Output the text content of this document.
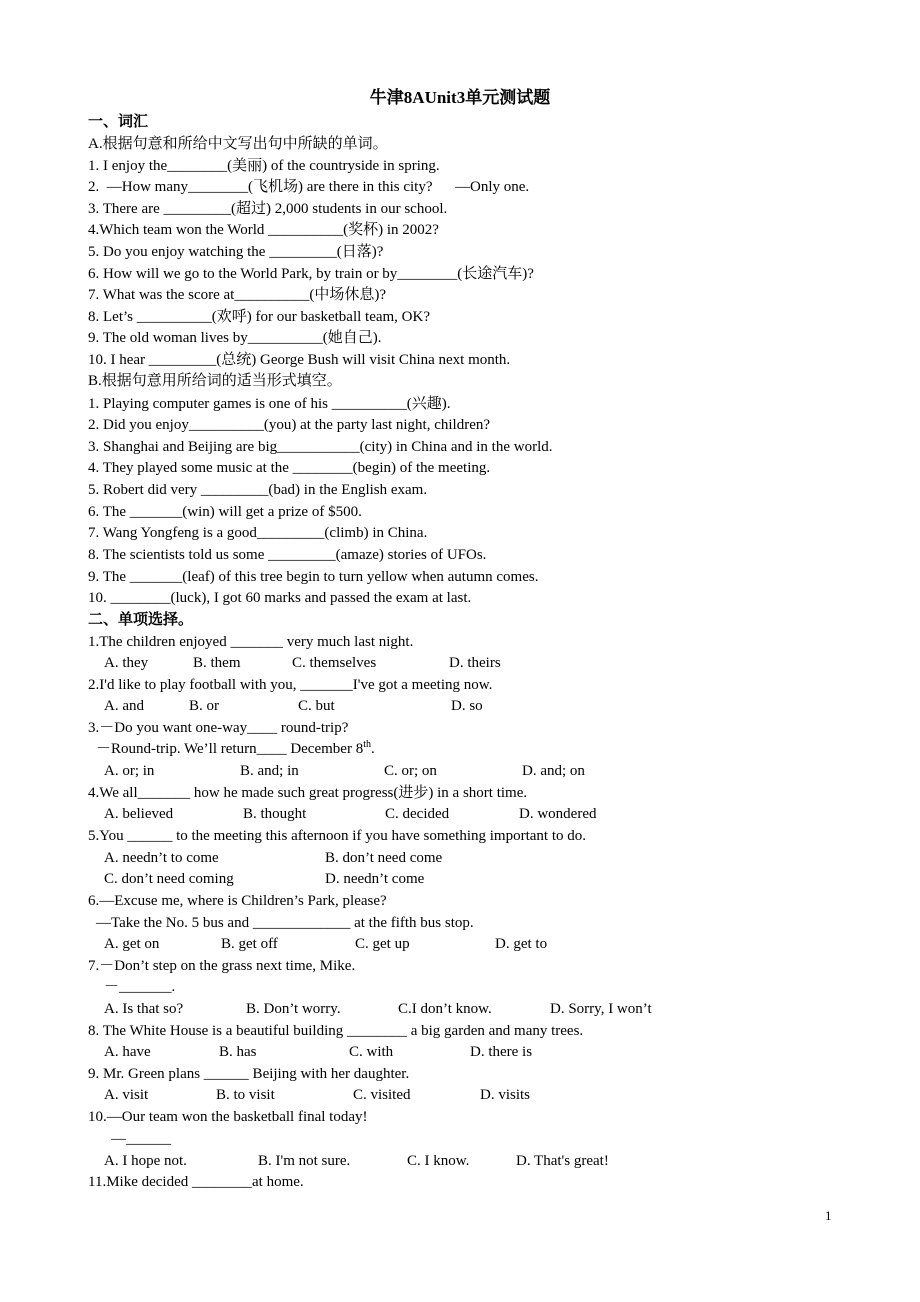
牛津8AUnit3单元测试题
一、词汇
A.根据句意和所给中文写出句中所缺的单词。
1. I enjoy the________(美丽) of the countryside in spring.
2.  —How many________(飞机场) are there in this city?      —Only one.
3. There are _________(超过) 2,000 students in our school.
4.Which team won the World __________(奖杯) in 2002?
5. Do you enjoy watching the _________(日落)?
6. How will we go to the World Park, by train or by________(长途汽车)?
7. What was the score at__________(中场休息)?
8. Let’s __________(欢呼) for our basketball team, OK?
9. The old woman lives by__________(她自己).
10. I hear _________(总统) George Bush will visit China next month.
B.根据句意用所给词的适当形式填空。
1. Playing computer games is one of his __________(兴趣).
2. Did you enjoy__________(you) at the party last night, children?
3. Shanghai and Beijing are big___________(city) in China and in the world.
4. They played some music at the ________(begin) of the meeting.
5. Robert did very _________(bad) in the English exam.
6. The _______(win) will get a prize of $500.
7. Wang Yongfeng is a good_________(climb) in China.
8. The scientists told us some _________(amaze) stories of UFOs.
9. The _______(leaf) of this tree begin to turn yellow when autumn comes.
10. ________(luck), I got 60 marks and passed the exam at last.
二、单项选择。
1.The children enjoyed _______ very much last night.
A. they	B. them	C. themselves	D. theirs
2.I'd like to play football with you, _______I've got a meeting now.
A. and	B. or	C. but	D. so
3.－Do you want one-way____ round-trip?
－Round-trip. We’ll return____ December 8th.
A. or; in	B. and; in	C. or; on	D. and; on
4.We all_______ how he made such great progress(进步) in a short time.
A. believed	B. thought	C. decided	D. wondered
5.You ______ to the meeting this afternoon if you have something important to do.
A. needn’t to come	B. don’t need come
C. don’t need coming	D. needn’t come
6.—Excuse me, where is Children’s Park, please?
—Take the No. 5 bus and _____________ at the fifth bus stop.
A. get on	B. get off	C. get up	D. get to
7.－Don’t step on the grass next time, Mike.
－_______.
A. Is that so?	B. Don’t worry.	C.I don’t know.	D. Sorry, I won’t
8. The White House is a beautiful building ________ a big garden and many trees.
A. have	B. has	C. with	D. there is
9. Mr. Green plans ______ Beijing with her daughter.
A. visit	B. to visit	C. visited	D. visits
10.—Our team won the basketball final today!
—______
A. I hope not.	B. I'm not sure.	C. I know.	D. That's great!
11.Mike decided ________at home.
1
